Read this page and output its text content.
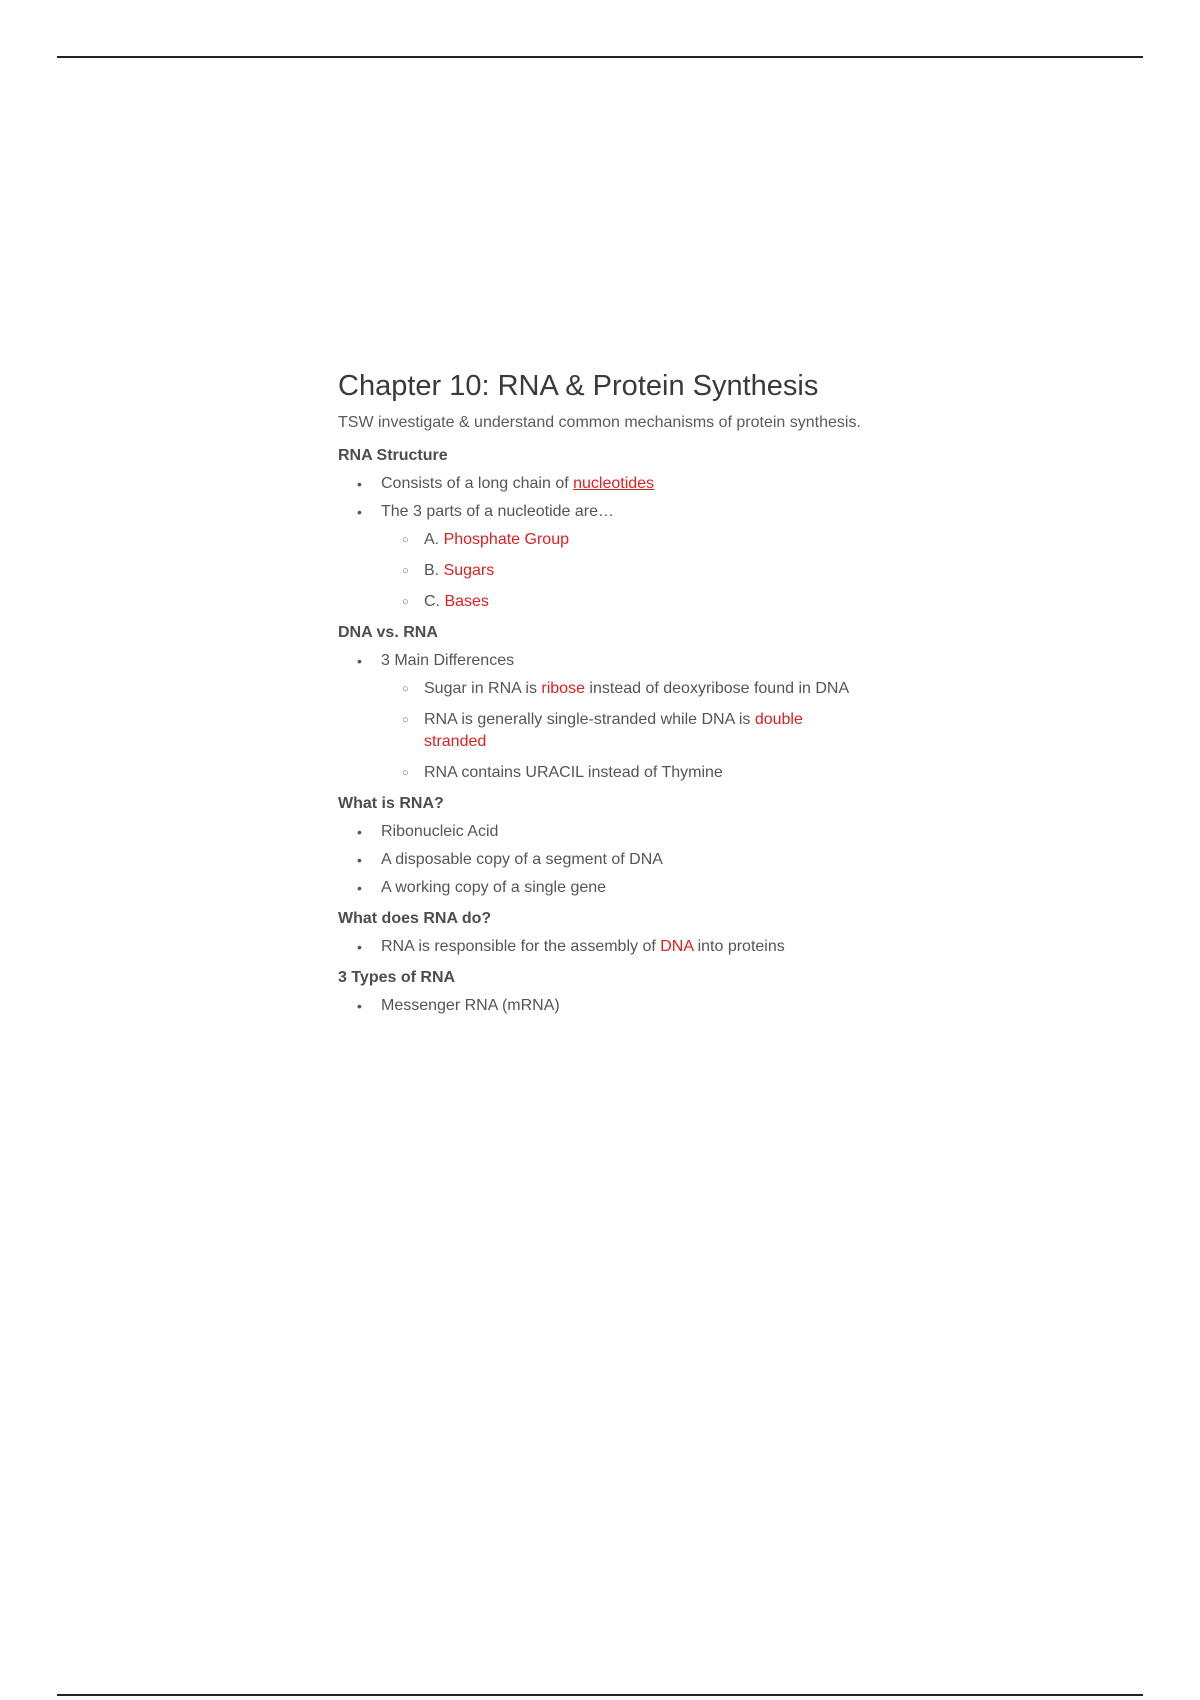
Chapter 10: RNA & Protein Synthesis

TSW investigate & understand common mechanisms of protein synthesis.

RNA Structure
• Consists of a long chain of nucleotides
• The 3 parts of a nucleotide are…
○ A. Phosphate Group
○ B. Sugars
○ C. Bases
DNA vs. RNA
• 3 Main Differences
○ Sugar in RNA is ribose instead of deoxyribose found in DNA
○ RNA is generally single-stranded while DNA is double stranded
○ RNA contains URACIL instead of Thymine
What is RNA?
• Ribonucleic Acid
• A disposable copy of a segment of DNA
• A working copy of a single gene
What does RNA do?
• RNA is responsible for the assembly of DNA into proteins
3 Types of RNA
• Messenger RNA (mRNA)
